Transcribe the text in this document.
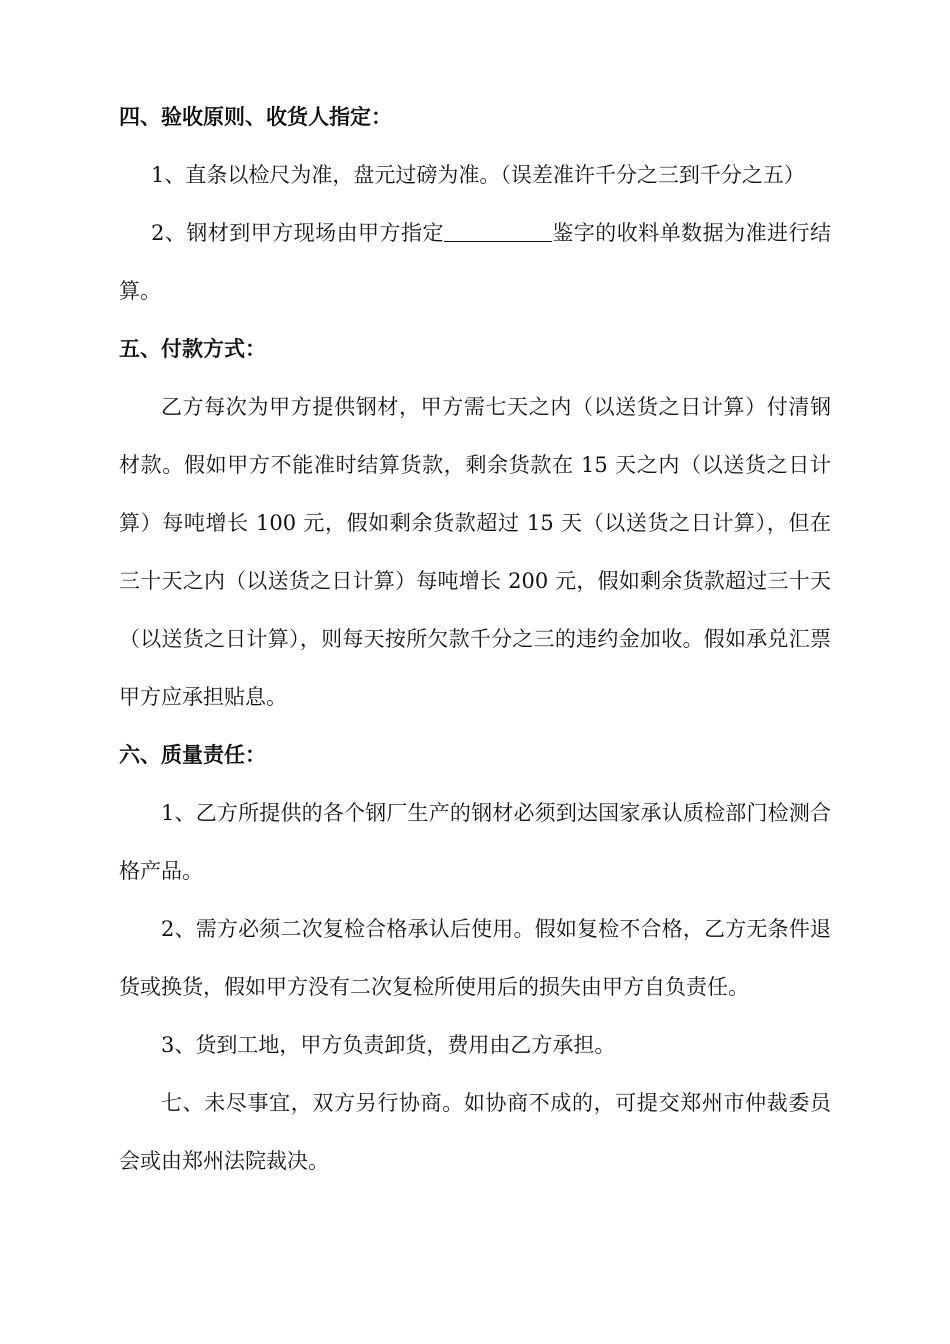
四、验收原则、收货人指定：

1、直条以检尺为准，盘元过磅为准。（误差准许千分之三到千分之五）

2、钢材到甲方现场由甲方指定	鉴字的收料单数据为准进行结算。

五、付款方式：

乙方每次为甲方提供钢材，甲方需七天之内（以送货之日计算）付清钢材款。假如甲方不能准时结算货款，剩余货款在 15 天之内（以送货之日计算）每吨增长 100 元，假如剩余货款超过 15 天（以送货之日计算），但在三十天之内（以送货之日计算）每吨增长 200 元，假如剩余货款超过三十天（以送货之日计算），则每天按所欠款千分之三的违约金加收。假如承兑汇票甲方应承担贴息。

六、质量责任：

1、乙方所提供的各个钢厂生产的钢材必须到达国家承认质检部门检测合格产品。

2、需方必须二次复检合格承认后使用。假如复检不合格，乙方无条件退货或换货，假如甲方没有二次复检所使用后的损失由甲方自负责任。

3、货到工地，甲方负责卸货，费用由乙方承担。

七、未尽事宜，双方另行协商。如协商不成的，可提交郑州市仲裁委员会或由郑州法院裁决。
